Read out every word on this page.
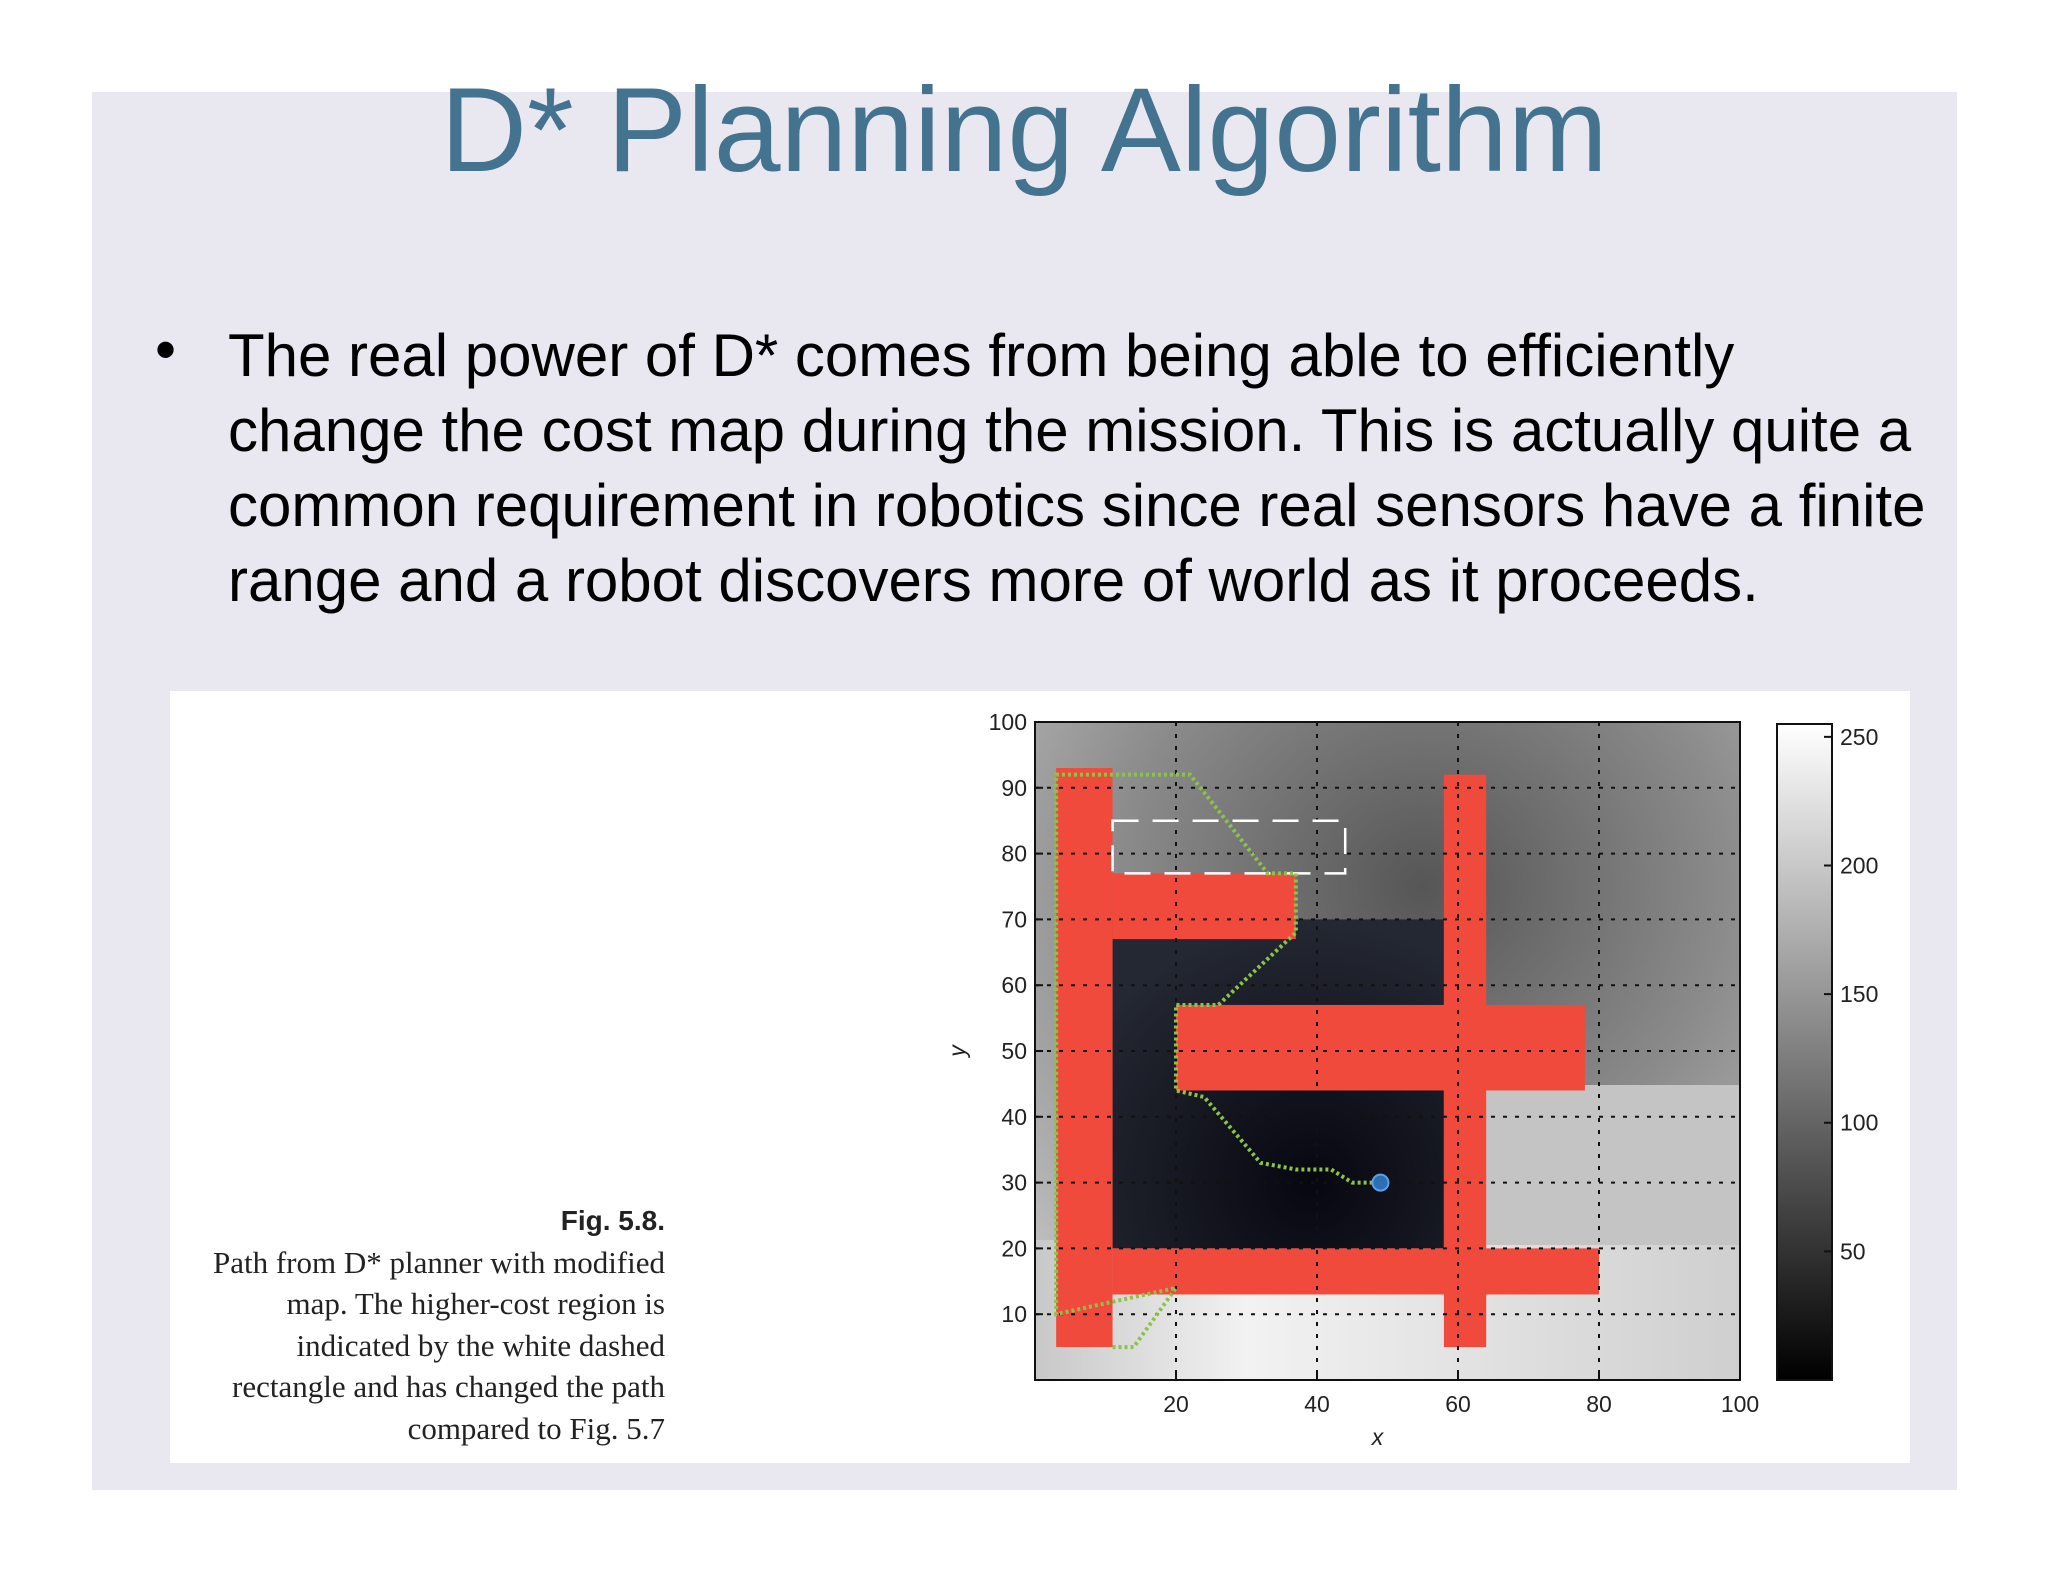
D* Planning Algorithm
• The real power of D* comes from being able to efficiently change the cost map during the mission. This is actually quite a common requirement in robotics since real sensors have a finite range and a robot discovers more of world as it proceeds.
Fig. 5.8.
Path from D* planner with modified map. The higher-cost region is indicated by the white dashed rectangle and has changed the path compared to Fig. 5.7
20	40	60	80	100
10
20
30
40
50
60
70
80
90
100
x
y
50
100
150
200
250
